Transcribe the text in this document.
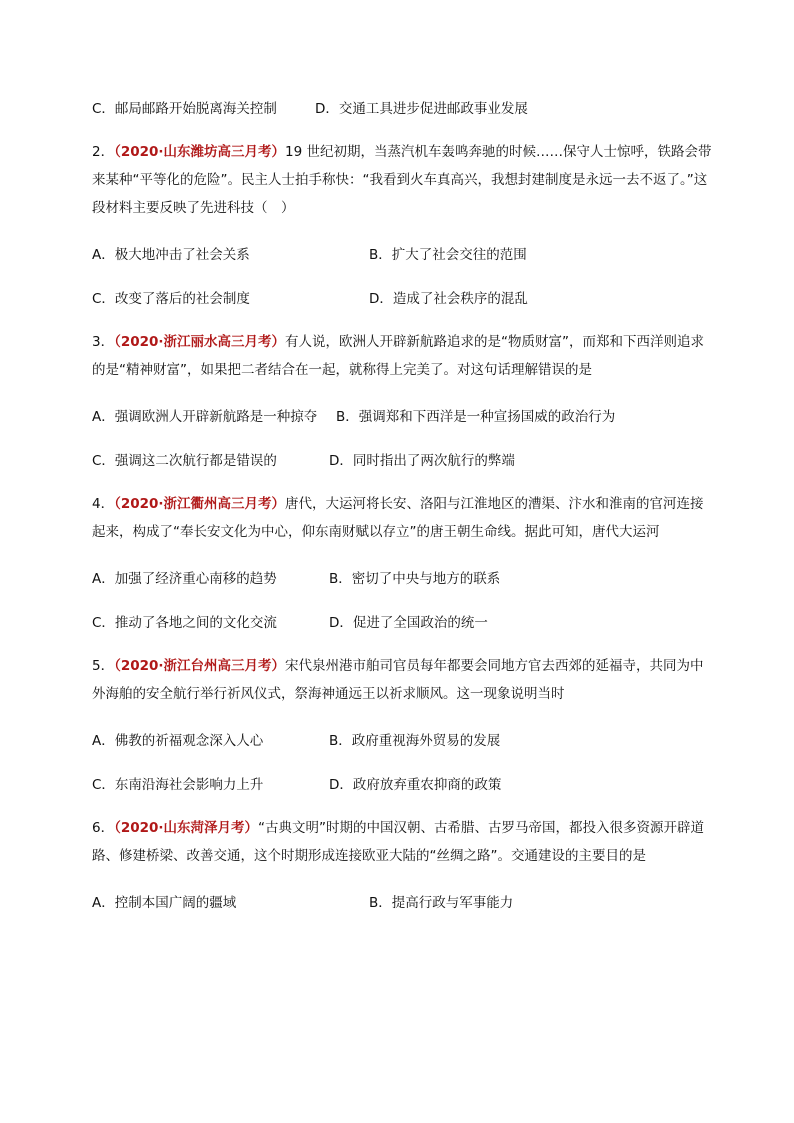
C．邮局邮路开始脱离海关控制	D．交通工具进步促进邮政事业发展
2．（2020·山东潍坊高三月考）19 世纪初期，当蒸汽机车轰鸣奔驰的时候……保守人士惊呼，铁路会带来某种“平等化的危险”。民主人士拍手称快：“我看到火车真高兴，我想封建制度是永远一去不返了。”这段材料主要反映了先进科技（　）
A．极大地冲击了社会关系	B．扩大了社会交往的范围
C．改变了落后的社会制度	D．造成了社会秩序的混乱
3．（2020·浙江丽水高三月考）有人说，欧洲人开辟新航路追求的是“物质财富”，而郑和下西洋则追求的是“精神财富”，如果把二者结合在一起，就称得上完美了。对这句话理解错误的是
A．强调欧洲人开辟新航路是一种掠夺 B．强调郑和下西洋是一种宣扬国威的政治行为
C．强调这二次航行都是错误的	D．同时指出了两次航行的弊端
4．（2020·浙江衢州高三月考）唐代，大运河将长安、洛阳与江淮地区的漕渠、汴水和淮南的官河连接起来，构成了“奉长安文化为中心，仰东南财赋以存立”的唐王朝生命线。据此可知，唐代大运河
A．加强了经济重心南移的趋势	B．密切了中央与地方的联系
C．推动了各地之间的文化交流	D．促进了全国政治的统一
5．（2020·浙江台州高三月考）宋代泉州港市舶司官员每年都要会同地方官去西郊的延福寺，共同为中外海舶的安全航行举行祈风仪式，祭海神通远王以祈求顺风。这一现象说明当时
A．佛教的祈福观念深入人心	B．政府重视海外贸易的发展
C．东南沿海社会影响力上升	D．政府放弃重农抑商的政策
6．（2020·山东菏泽月考）“古典文明”时期的中国汉朝、古希腊、古罗马帝国，都投入很多资源开辟道路、修建桥梁、改善交通，这个时期形成连接欧亚大陆的“丝绸之路”。交通建设的主要目的是
A．控制本国广阔的疆域	B．提高行政与军事能力
